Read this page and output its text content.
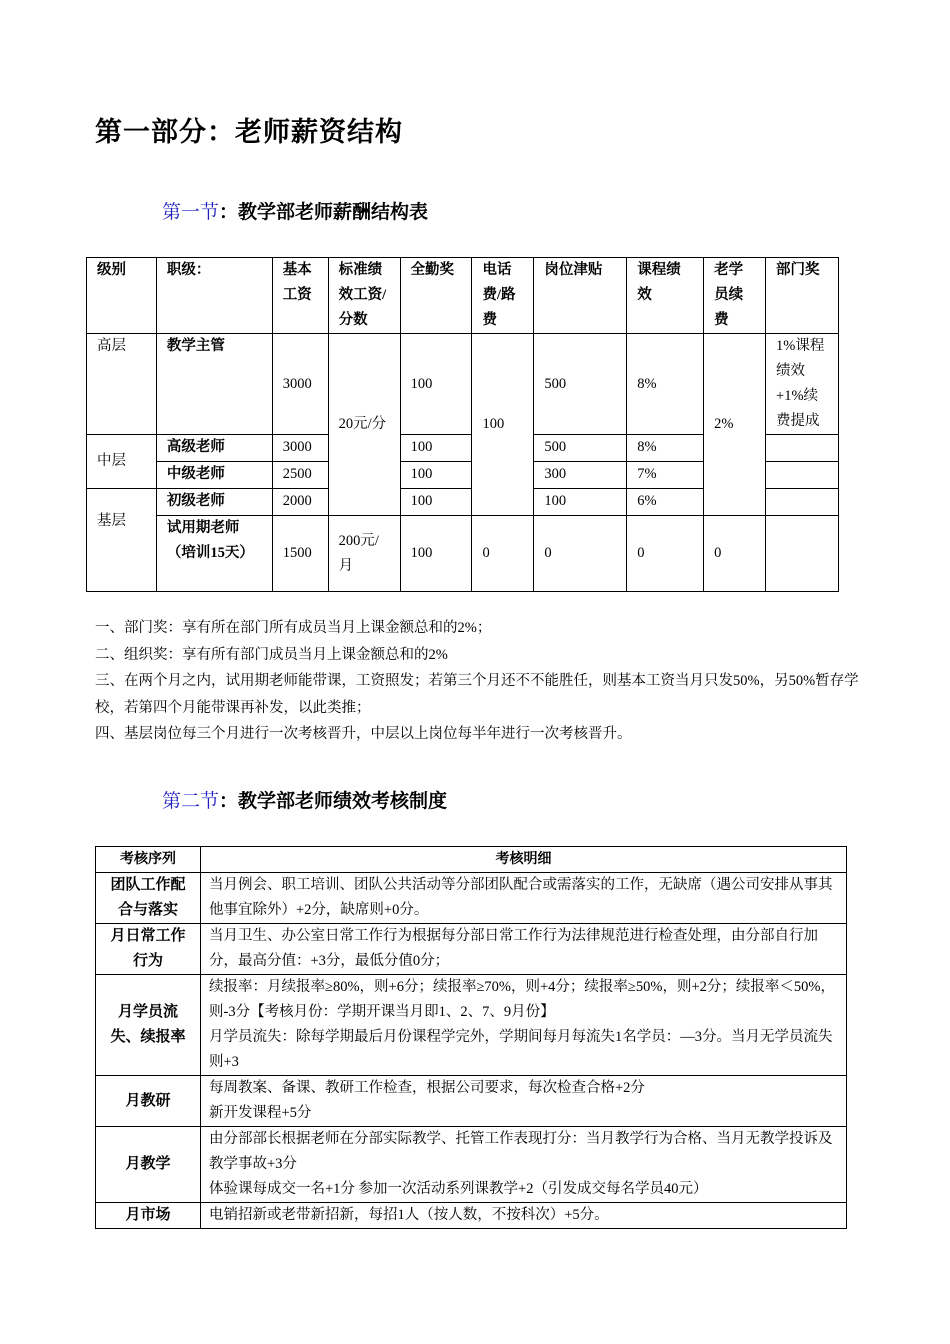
第一部分：老师薪资结构
第一节：教学部老师薪酬结构表
级别	职级：	基本工资	标准绩效工资/分数	全勤奖	电话费/路费	岗位津贴	课程绩效	老学员续费	部门奖
高层	教学主管	3000	20元/分	100	100	500	8%	2%	1%课程绩效+1%续费提成
中层	高级老师	3000		100		500	8%		
	中级老师	2500		100		300	7%		
基层	初级老师	2000		100		100	6%		
	试用期老师（培训15天）	1500	200元/月	100	0	0	0	0	
一、部门奖：享有所在部门所有成员当月上课金额总和的2%；
二、组织奖：享有所有部门成员当月上课金额总和的2%
三、在两个月之内，试用期老师能带课，工资照发；若第三个月还不不能胜任，则基本工资当月只发50%，另50%暂存学校，若第四个月能带课再补发，以此类推；
四、基层岗位每三个月进行一次考核晋升，中层以上岗位每半年进行一次考核晋升。
第二节：教学部老师绩效考核制度
考核序列	考核明细
团队工作配合与落实	当月例会、职工培训、团队公共活动等分部团队配合或需落实的工作，无缺席（遇公司安排从事其他事宜除外）+2分，缺席则+0分。

月日常工作行为	当月卫生、办公室日常工作行为根据每分部日常工作行为法律规范进行检查处理，由分部自行加分，最高分值：+3分，最低分值0分；

月学员流失、续报率	续报率：月续报率≥80%，则+6分；续报率≥70%，则+4分；续报率≥50%，则+2分；续报率＜50%，则-3分【考核月份：学期开课当月即1、2、7、9月份】
月学员流失：除每学期最后月份课程学完外，学期间每月每流失1名学员：—3分。当月无学员流失则+3

月教研	每周教案、备课、教研工作检查，根据公司要求，每次检查合格+2分
新开发课程+5分

月教学	由分部部长根据老师在分部实际教学、托管工作表现打分：当月教学行为合格、当月无教学投诉及教学事故+3分
体验课每成交一名+1分 参加一次活动系列课教学+2（引发成交每名学员40元）

月市场	电销招新或老带新招新，每招1人（按人数，不按科次）+5分。
